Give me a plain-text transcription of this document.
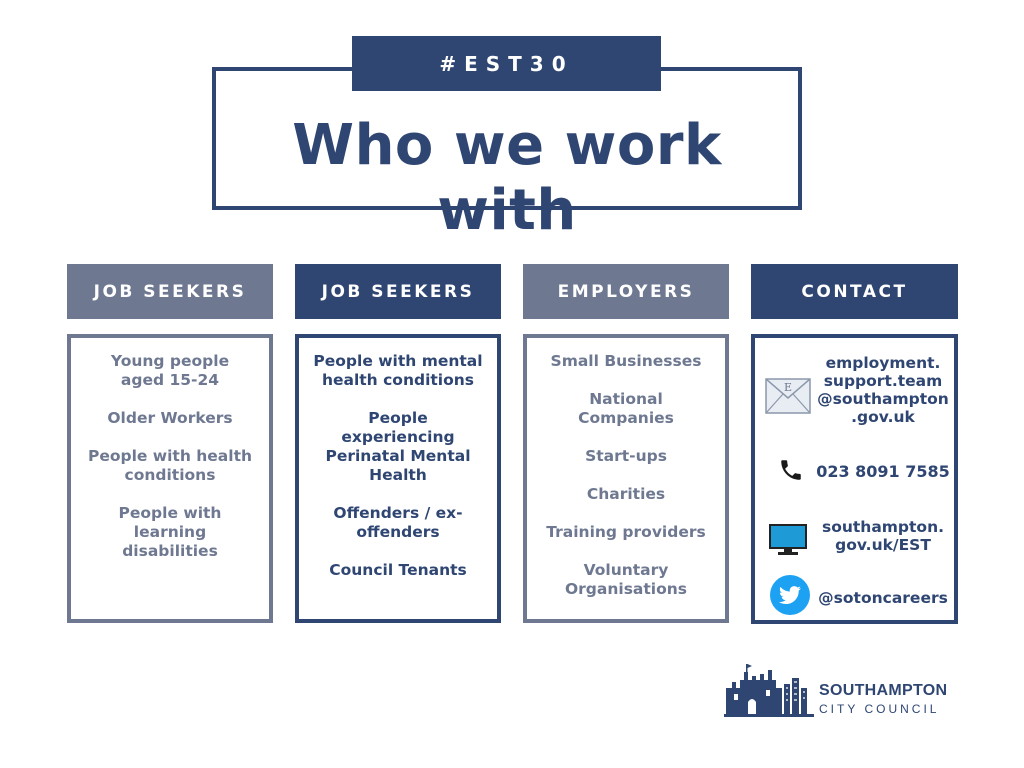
Who we work with
#EST30
JOB SEEKERS
Young people aged 15-24
Older Workers
People with health conditions
People with learning disabilities
JOB SEEKERS
People with mental health conditions
People experiencing Perinatal Mental Health
Offenders / ex-offenders
Council Tenants
EMPLOYERS
Small Businesses
National Companies
Start-ups
Charities
Training providers
Voluntary Organisations
CONTACT
E
employment.
support.team
@southampton
.gov.uk
023 8091 7585
southampton.
gov.uk/EST
@sotoncareers
SOUTHAMPTON
CITY COUNCIL
